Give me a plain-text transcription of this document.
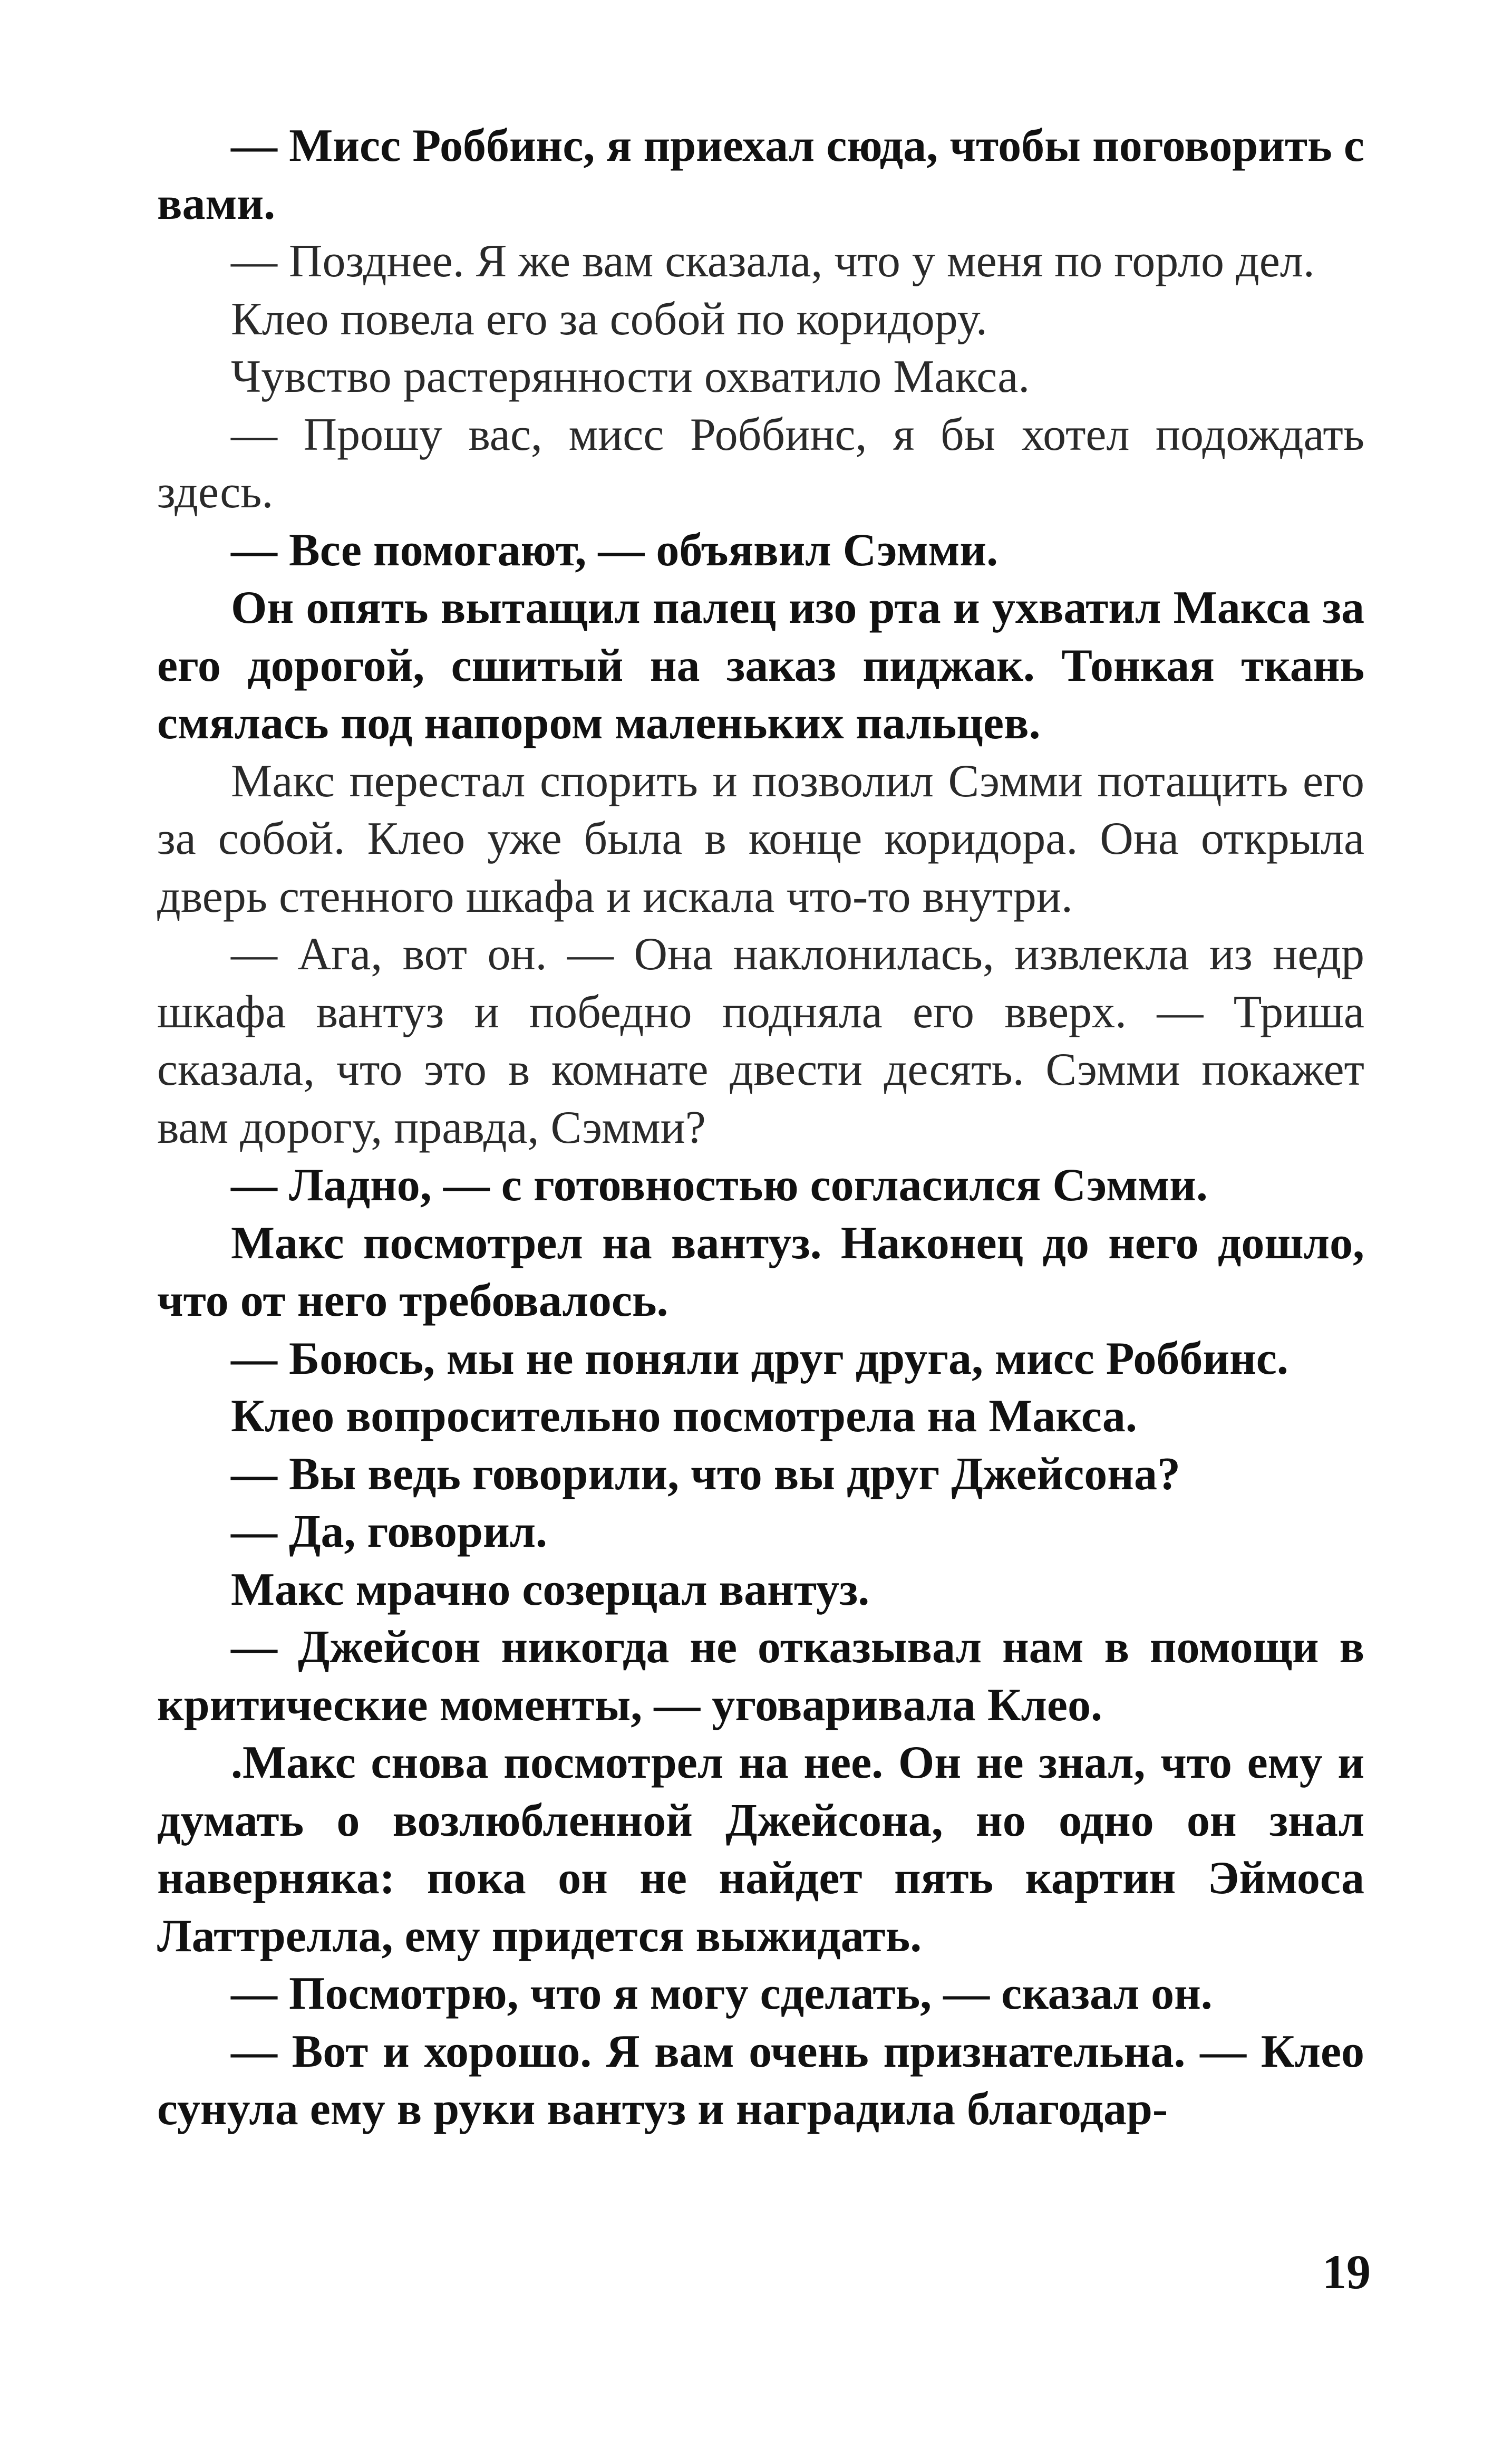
— Мисс Роббинс, я приехал сюда, чтобы поговорить с вами.

— Позднее. Я же вам сказала, что у меня по горло дел.

Клео повела его за собой по коридору.

Чувство растерянности охватило Макса.

— Прошу вас, мисс Роббинс, я бы хотел подождать здесь.

— Все помогают, — объявил Сэмми.

Он опять вытащил палец изо рта и ухватил Макса за его дорогой, сшитый на заказ пиджак. Тонкая ткань смялась под напором маленьких пальцев.

Макс перестал спорить и позволил Сэмми потащить его за собой. Клео уже была в конце коридора. Она открыла дверь стенного шкафа и искала что-то внутри.

— Ага, вот он. — Она наклонилась, извлекла из недр шкафа вантуз и победно подняла его вверх. — Триша сказала, что это в комнате двести десять. Сэмми покажет вам дорогу, правда, Сэмми?

— Ладно, — с готовностью согласился Сэмми.

Макс посмотрел на вантуз. Наконец до него дошло, что от него требовалось.

— Боюсь, мы не поняли друг друга, мисс Роббинс.

Клео вопросительно посмотрела на Макса.

— Вы ведь говорили, что вы друг Джейсона?

— Да, говорил.

Макс мрачно созерцал вантуз.

— Джейсон никогда не отказывал нам в помощи в критические моменты, — уговаривала Клео.

.Макс снова посмотрел на нее. Он не знал, что ему и думать о возлюбленной Джейсона, но одно он знал наверняка: пока он не найдет пять картин Эймоса Латтрелла, ему придется выжидать.

— Посмотрю, что я могу сделать, — сказал он.

— Вот и хорошо. Я вам очень признательна. — Клео сунула ему в руки вантуз и наградила благодар-

19
